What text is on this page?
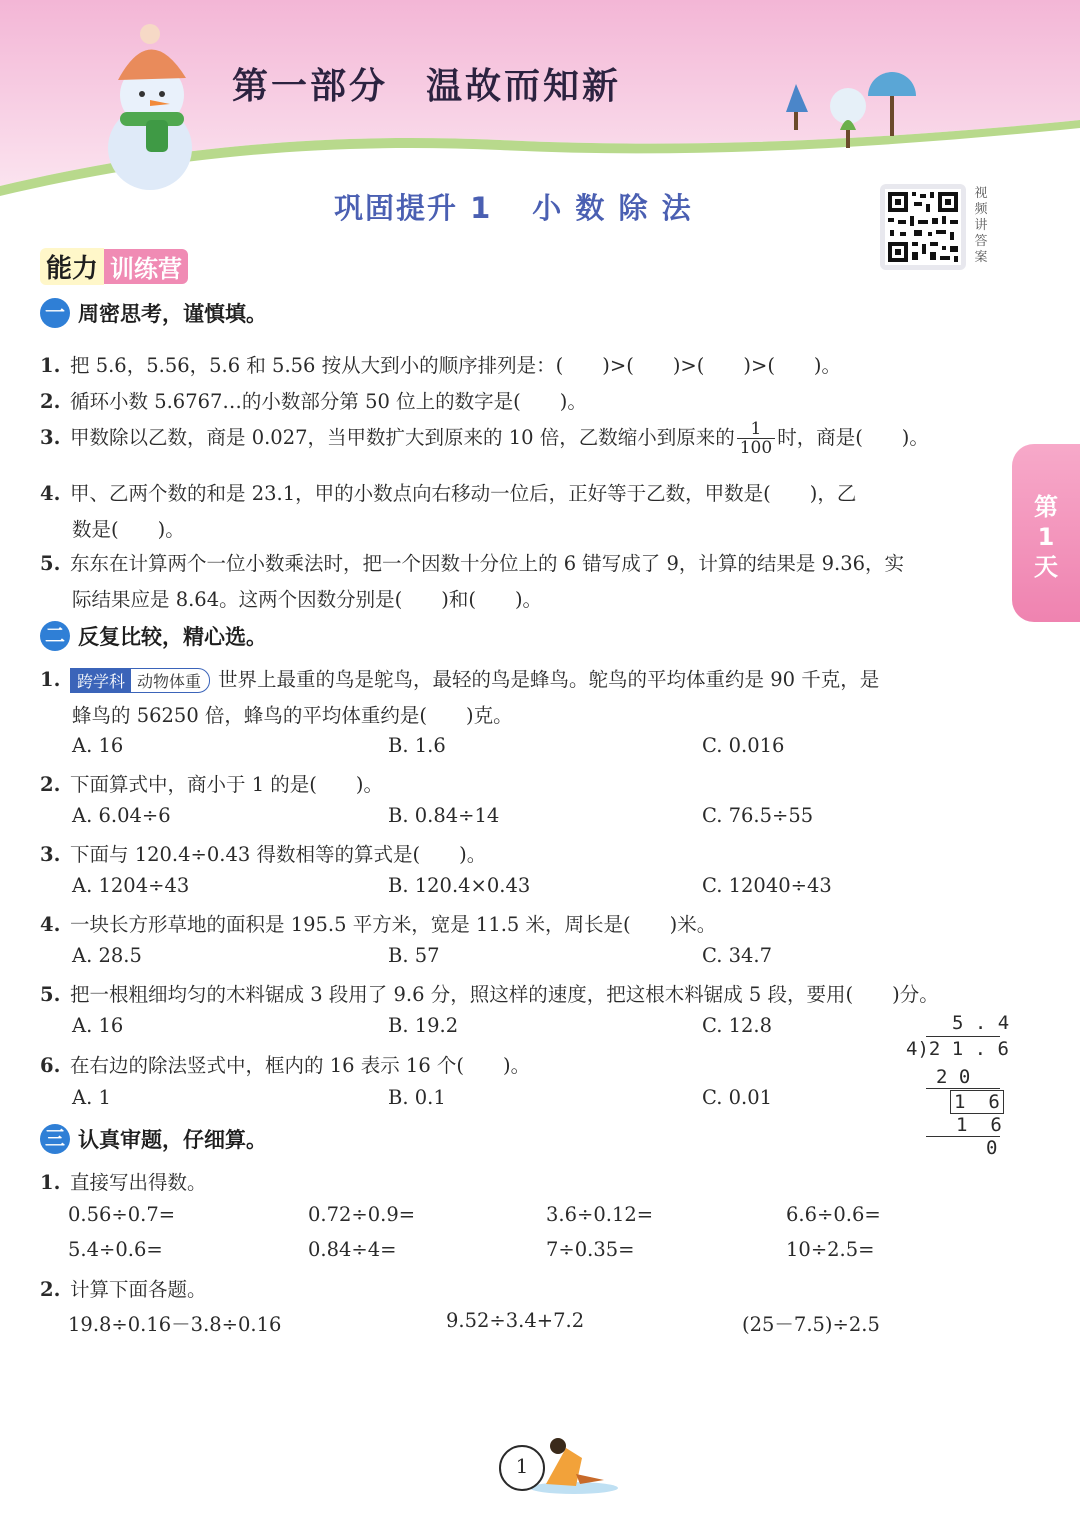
第一部分 温故而知新
巩固提升 1 小 数 除 法	视频讲答案
第1天
能力 训练营
一 周密思考，谨慎填。
1. 把 5.6，5.56，5.6 和 5.56 按从大到小的顺序排列是：(　　)>(　　)>(　　)>(　　)。
2. 循环小数 5.6767…的小数部分第 50 位上的数字是(　　)。
3. 甲数除以乙数，商是 0.027，当甲数扩大到原来的 10 倍，乙数缩小到原来的 $\frac{1}{100}$ 时，商是(　　)。
4. 甲、乙两个数的和是 23.1，甲的小数点向右移动一位后，正好等于乙数，甲数是(　　)，乙
数是(　　)。
5. 东东在计算两个一位小数乘法时，把一个因数十分位上的 6 错写成了 9，计算的结果是 9.36，实
际结果应是 8.64。这两个因数分别是(　　)和(　　)。
二 反复比较，精心选。
1. 跨学科 动物体重 世界上最重的鸟是鸵鸟，最轻的鸟是蜂鸟。鸵鸟的平均体重约是 90 千克，是
蜂鸟的 56250 倍，蜂鸟的平均体重约是(　　)克。
A. 16	B. 1.6	C. 0.016
2. 下面算式中，商小于 1 的是(　　)。
A. 6.04÷6	B. 0.84÷14	C. 76.5÷55
3. 下面与 120.4÷0.43 得数相等的算式是(　　)。
A. 1204÷43	B. 120.4×0.43	C. 12040÷43
4. 一块长方形草地的面积是 195.5 平方米，宽是 11.5 米，周长是(　　)米。
A. 28.5	B. 57	C. 34.7
5. 把一根粗细均匀的木料锯成 3 段用了 9.6 分，照这样的速度，把这根木料锯成 5 段，要用(　　)分。
A. 16	B. 19.2	C. 12.8
6. 在右边的除法竖式中，框内的 16 表示 16 个(　　)。
A. 1	B. 0.1	C. 0.01
5 . 4
4)2 1 . 6
2 0
1  6
1  6
0
三 认真审题，仔细算。
1. 直接写出得数。
0.56÷0.7=	0.72÷0.9=	3.6÷0.12=	6.6÷0.6=
5.4÷0.6=	0.84÷4=	7÷0.35=	10÷2.5=
2. 计算下面各题。
19.8÷0.16－3.8÷0.16	9.52÷3.4+7.2	(25－7.5)÷2.5
1
